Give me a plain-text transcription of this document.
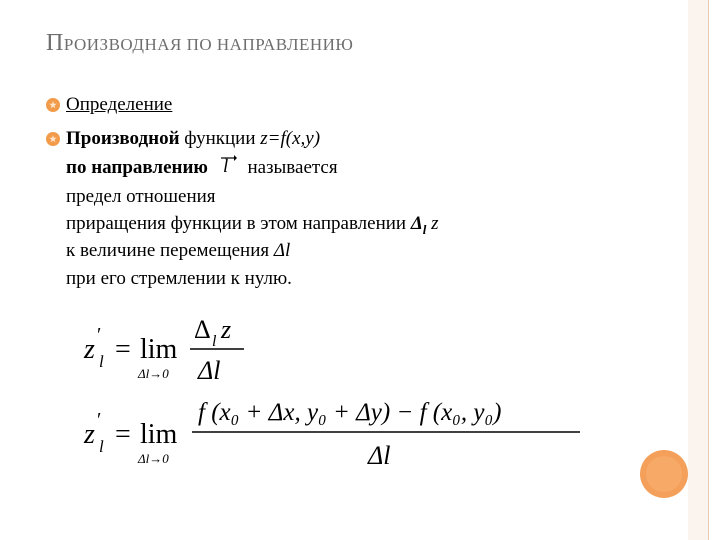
ПРОИЗВОДНАЯ ПО НАПРАВЛЕНИЮ
Определение
Производной функции z=f(x,y)
по направлению l называется
предел отношения
приращения функции в этом направлении $\Delta_l$ z
к величине перемещения Δl
при его стремлении к нулю.
z ′
l = lim
Δl→0
Δ l z
Δl
z ′
l = lim
Δl→0
f (x₀ + Δx, y₀ + Δy) − f (x₀, y₀)
Δl
